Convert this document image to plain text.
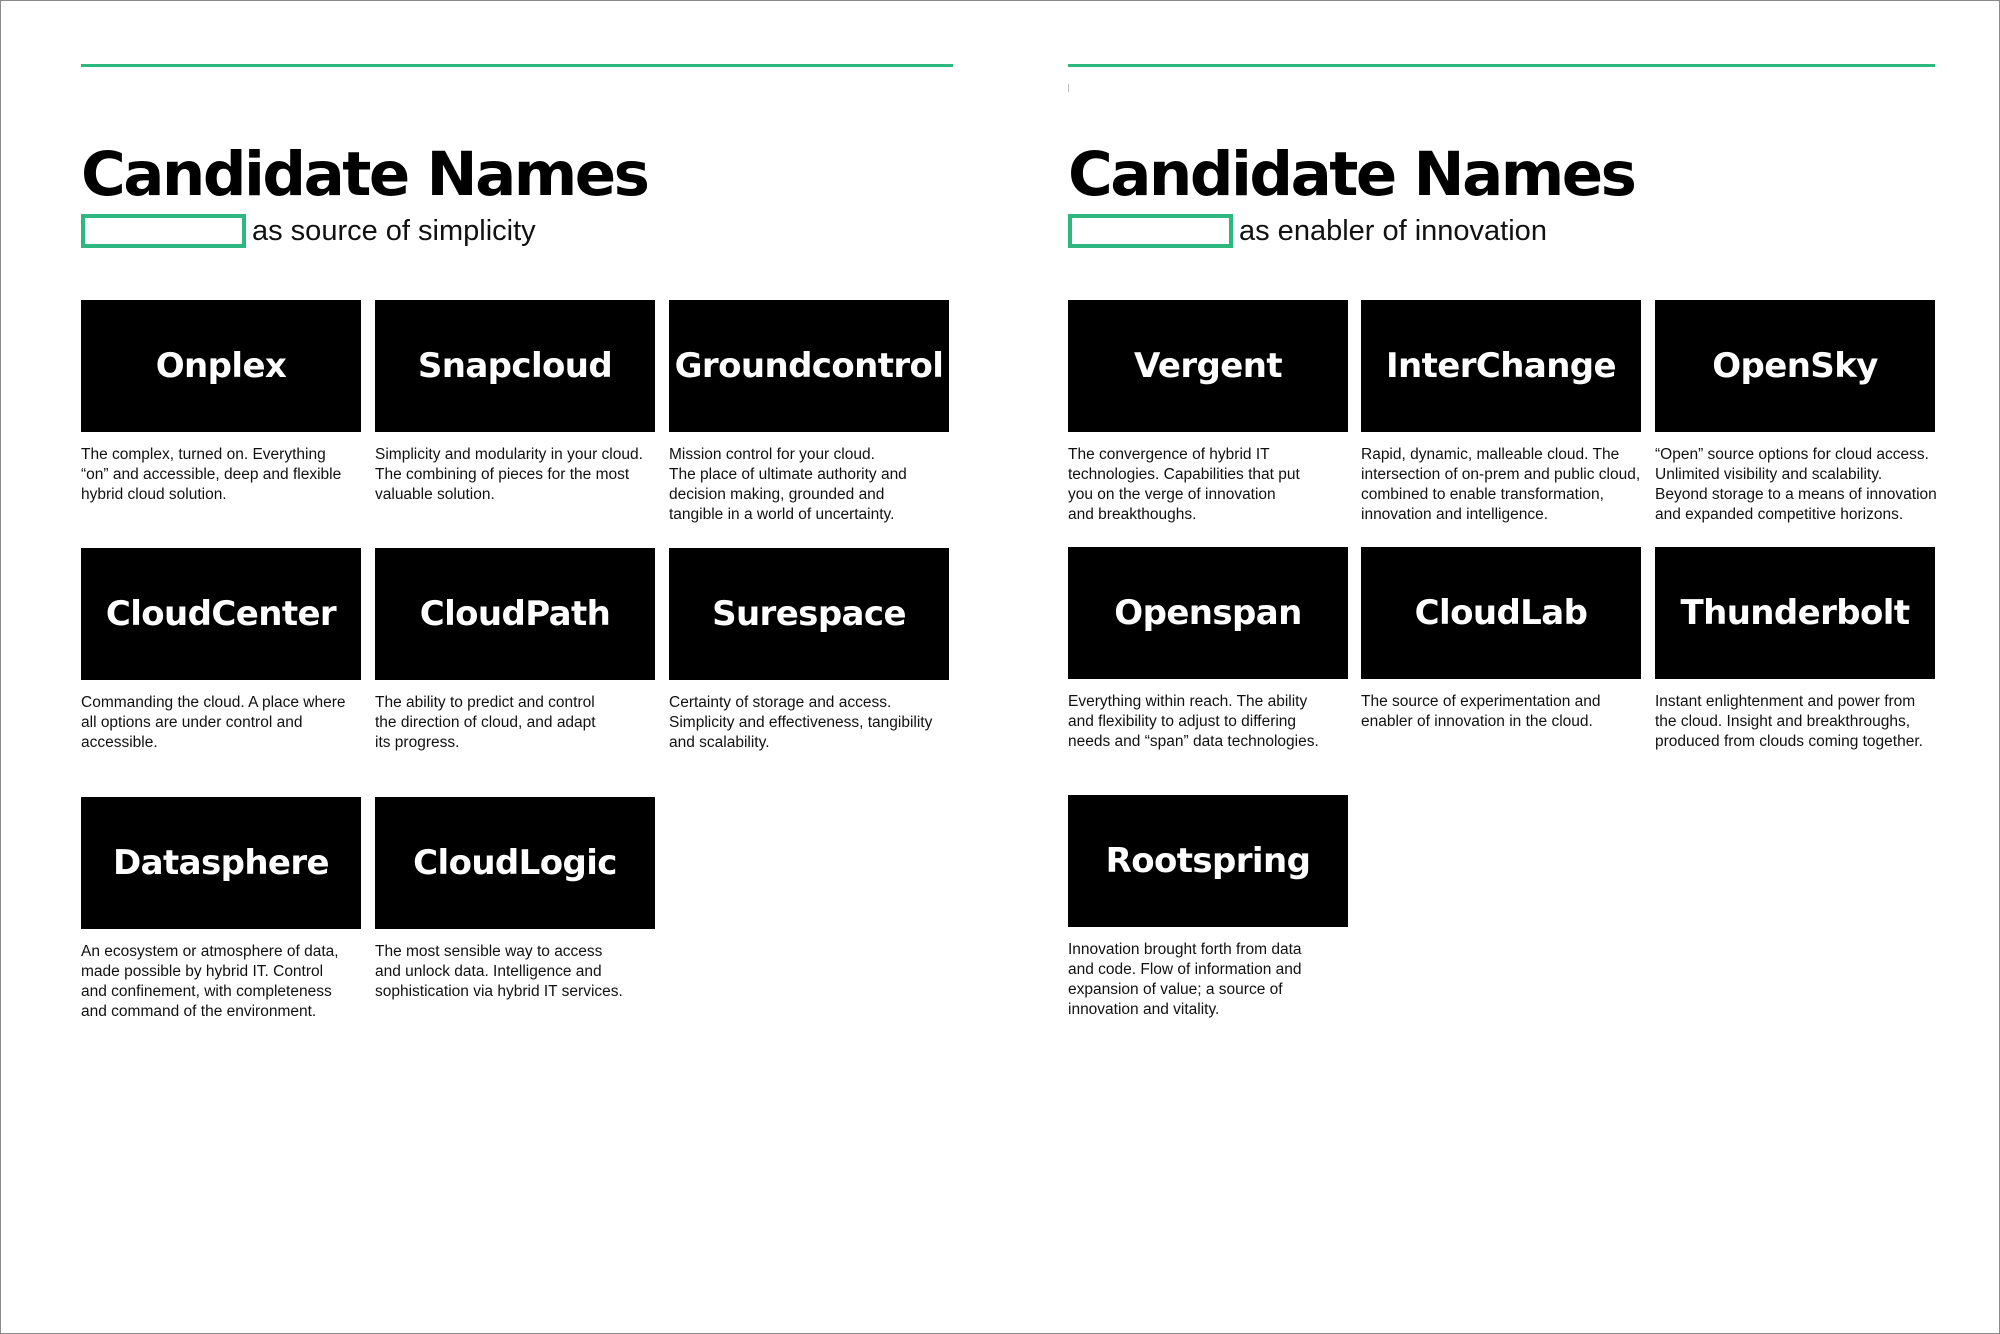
Candidate Names
as source of simplicity
Onplex

The complex, turned on. Everything
“on” and accessible, deep and flexible
hybrid cloud solution.

Snapcloud

Simplicity and modularity in your cloud.
The combining of pieces for the most
valuable solution.

Groundcontrol

Mission control for your cloud.
The place of ultimate authority and
decision making, grounded and
tangible in a world of uncertainty.

CloudCenter

Commanding the cloud. A place where
all options are under control and
accessible.

CloudPath

The ability to predict and control
the direction of cloud, and adapt
its progress.

Surespace

Certainty of storage and access.
Simplicity and effectiveness, tangibility
and scalability.

Datasphere

An ecosystem or atmosphere of data,
made possible by hybrid IT. Control
and confinement, with completeness
and command of the environment.

CloudLogic

The most sensible way to access
and unlock data. Intelligence and
sophistication via hybrid IT services.

Candidate Names
as enabler of innovation
Vergent

The convergence of hybrid IT
technologies. Capabilities that put
you on the verge of innovation
and breakthoughs.

InterChange

Rapid, dynamic, malleable cloud. The
intersection of on-prem and public cloud,
combined to enable transformation,
innovation and intelligence.

OpenSky

“Open” source options for cloud access.
Unlimited visibility and scalability.
Beyond storage to a means of innovation
and expanded competitive horizons.

Openspan

Everything within reach. The ability
and flexibility to adjust to differing
needs and “span” data technologies.

CloudLab

The source of experimentation and
enabler of innovation in the cloud.

Thunderbolt

Instant enlightenment and power from
the cloud. Insight and breakthroughs,
produced from clouds coming together.

Rootspring

Innovation brought forth from data
and code. Flow of information and
expansion of value; a source of
innovation and vitality.
